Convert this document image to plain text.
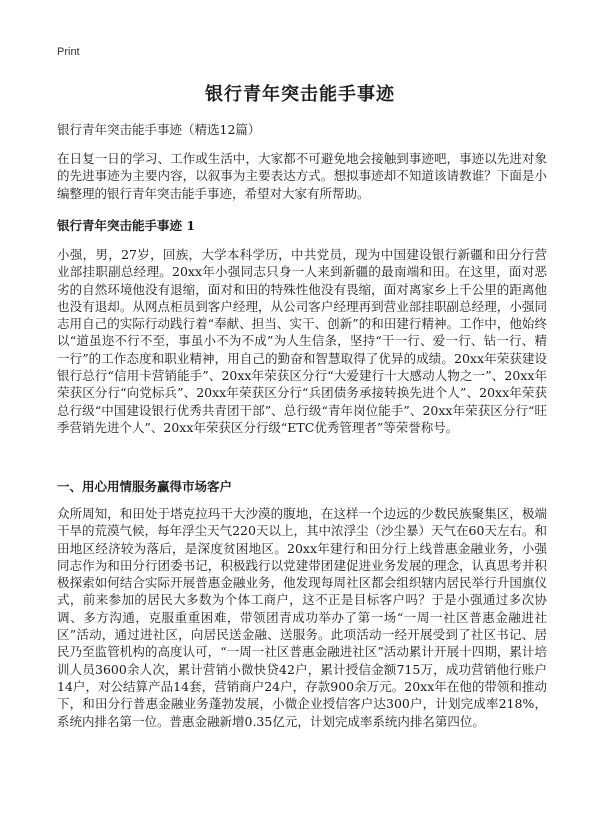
Print
银行青年突击能手事迹

银行青年突击能手事迹（精选12篇）

在日复一日的学习、工作或生活中，大家都不可避免地会接触到事迹吧，事迹以先进对象的先进事迹为主要内容，以叙事为主要表达方式。想拟事迹却不知道该请教谁？下面是小编整理的银行青年突击能手事迹，希望对大家有所帮助。

银行青年突击能手事迹 1

小强，男，27岁，回族，大学本科学历，中共党员，现为中国建设银行新疆和田分行营业部挂职副总经理。20xx年小强同志只身一人来到新疆的最南端和田。在这里，面对恶劣的自然环境他没有退缩，面对和田的特殊性他没有畏缩，面对离家乡上千公里的距离他也没有退却。从网点柜员到客户经理，从公司客户经理再到营业部挂职副总经理，小强同志用自己的实际行动践行着“奉献、担当、实干、创新”的和田建行精神。工作中，他始终以“道虽迩不行不至，事虽小不为不成”为人生信条，坚持“干一行、爱一行、钻一行、精一行”的工作态度和职业精神，用自己的勤奋和智慧取得了优异的成绩。20xx年荣获建设银行总行“信用卡营销能手”、20xx年荣获区分行“大爱建行十大感动人物之一”、20xx年荣获区分行“向党标兵”、20xx年荣获区分行“兵团债务承接转换先进个人”、20xx年荣获总行级“中国建设银行优秀共青团干部”、总行级“青年岗位能手”、20xx年荣获区分行“旺季营销先进个人”、20xx年荣获区分行级“ETC优秀管理者”等荣誉称号。

一、用心用情服务赢得市场客户

众所周知，和田处于塔克拉玛干大沙漠的腹地，在这样一个边远的少数民族聚集区，极端干旱的荒漠气候，每年浮尘天气220天以上，其中浓浮尘（沙尘暴）天气在60天左右。和田地区经济较为落后，是深度贫困地区。20xx年建行和田分行上线普惠金融业务，小强同志作为和田分行团委书记，积极践行以党建带团建促进业务发展的理念，认真思考并积极探索如何结合实际开展普惠金融业务，他发现每周社区都会组织辖内居民举行升国旗仪式，前来参加的居民大多数为个体工商户，这不正是目标客户吗？于是小强通过多次协调、多方沟通，克服重重困难，带领团青成功举办了第一场“一周一社区普惠金融进社区”活动，通过进社区，向居民送金融、送服务。此项活动一经开展受到了社区书记、居民乃至监管机构的高度认可，“一周一社区普惠金融进社区”活动累计开展十四期，累计培训人员3600余人次，累计营销小微快贷42户，累计授信金额715万，成功营销他行账户14户，对公结算产品14套，营销商户24户，存款900余万元。20xx年在他的带领和推动下，和田分行普惠金融业务蓬勃发展，小微企业授信客户达300户，计划完成率218%，系统内排名第一位。普惠金融新增0.35亿元，计划完成率系统内排名第四位。
